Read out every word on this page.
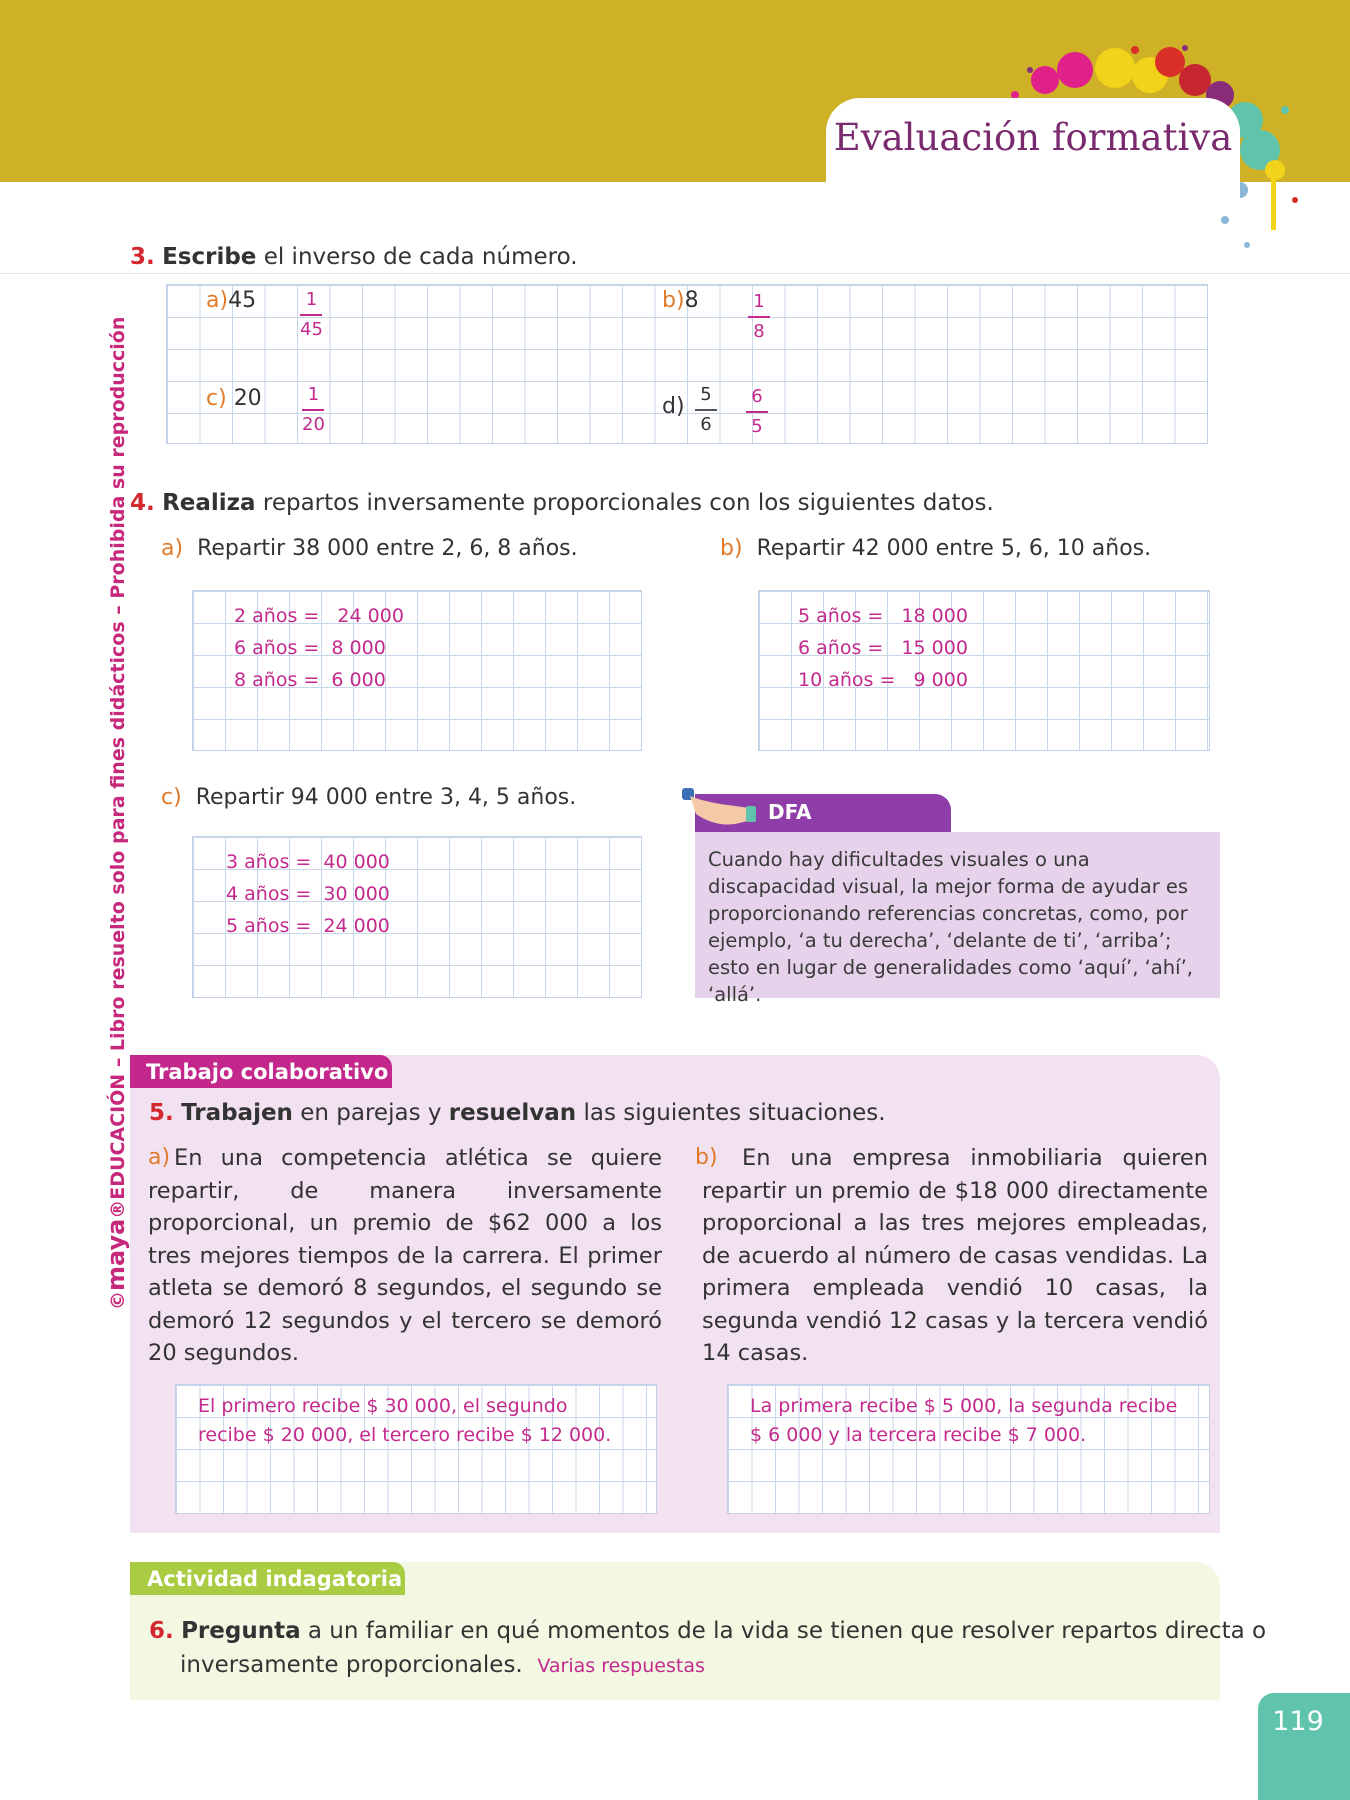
Evaluación formativa
©maya®EDUCACIÓN – Libro resuelto solo para fines didácticos – Prohibida su reproducción
3. Escribe el inverso de cada número.
a)45	1
45
b)8	1
8
c) 20	1
20
d) 5
6
6
5
4. Realiza repartos inversamente proporcionales con los siguientes datos.
a) Repartir 38 000 entre 2, 6, 8 años.	b) Repartir 42 000 entre 5, 6, 10 años.
2 años = 24 000
6 años = 8 000
8 años = 6 000
5 años = 18 000
6 años = 15 000
10 años = 9 000
c) Repartir 94 000 entre 3, 4, 5 años.
3 años = 40 000
4 años = 30 000
5 años = 24 000
DFA
Cuando hay dificultades visuales o una discapacidad visual, la mejor forma de ayudar es proporcionando referencias concretas, como, por ejemplo, ‘a tu derecha’, ‘delante de ti’, ‘arriba’; esto en lugar de generalidades como ‘aquí’, ‘ahí’, ‘allá’.
Trabajo colaborativo
5. Trabajen en parejas y resuelvan las siguientes situaciones.
a) En una competencia atlética se quiere repartir, de manera inversamente proporcional, un premio de $62 000 a los tres mejores tiempos de la carrera. El primer atleta se demoró 8 segundos, el segundo se demoró 12 segundos y el tercero se demoró 20 segundos.
b)	En una empresa inmobiliaria quieren repartir un premio de $18 000 directamente proporcional a las tres mejores empleadas, de acuerdo al número de casas vendidas. La primera empleada vendió 10 casas, la segunda vendió 12 casas y la tercera vendió 14 casas.
El primero recibe $ 30 000, el segundo
recibe $ 20 000, el tercero recibe $ 12 000.
La primera recibe $ 5 000, la segunda recibe
$ 6 000 y la tercera recibe $ 7 000.
Actividad indagatoria
6. Pregunta a un familiar en qué momentos de la vida se tienen que resolver repartos directa o
inversamente proporcionales. Varias respuestas
119
